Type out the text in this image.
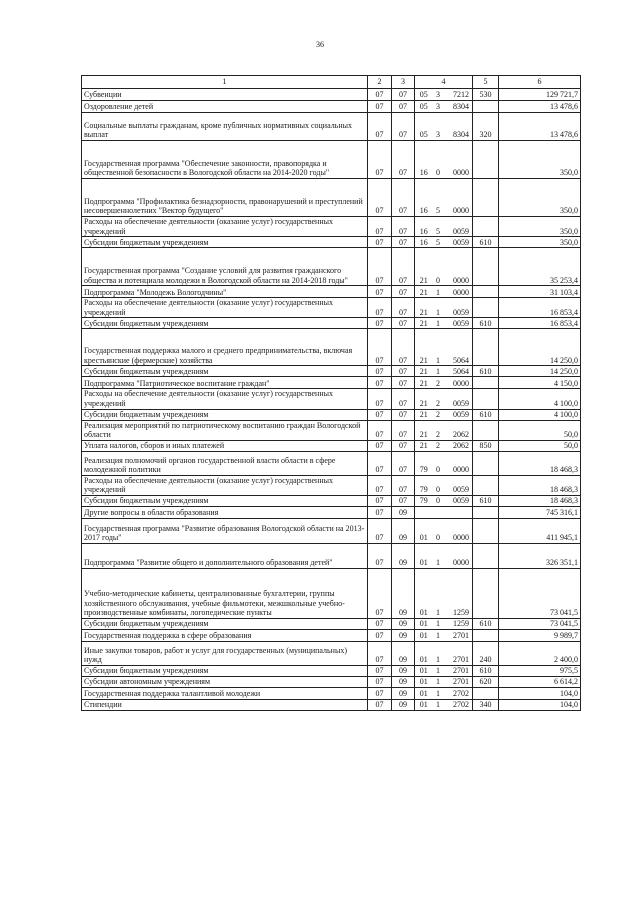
36
1	2	3	4			5	6
Субвенции	07	07	05	3	7212	530	129 721,7
Оздоровление детей	07	07	05	3	8304		13 478,6
Социальные выплаты гражданам, кроме публичных нормативных социальных выплат	07	07	05	3	8304	320	13 478,6
Государственная программа "Обеспечение законности, правопорядка и общественной безопасности в Вологодской области на 2014-2020 годы"	07	07	16	0	0000		350,0
Подпрограмма "Профилактика безнадзорности, правонарушений и преступлений несовершеннолетних "Вектор будущего"	07	07	16	5	0000		350,0
Расходы на обеспечение деятельности (оказание услуг) государственных учреждений	07	07	16	5	0059		350,0
Субсидии бюджетным учреждениям	07	07	16	5	0059	610	350,0
Государственная программа "Создание условий для развития гражданского общества и потенциала молодежи в Вологодской области на 2014-2018 годы"	07	07	21	0	0000		35 253,4
Подпрограмма "Молодежь Вологодчины"	07	07	21	1	0000		31 103,4
Расходы на обеспечение деятельности (оказание услуг) государственных учреждений	07	07	21	1	0059		16 853,4
Субсидии бюджетным учреждениям	07	07	21	1	0059	610	16 853,4
Государственная поддержка малого и среднего предпринимательства, включая крестьянские (фермерские) хозяйства	07	07	21	1	5064		14 250,0
Субсидии бюджетным учреждениям	07	07	21	1	5064	610	14 250,0
Подпрограмма "Патриотическое воспитание граждан"	07	07	21	2	0000		4 150,0
Расходы на обеспечение деятельности (оказание услуг) государственных учреждений	07	07	21	2	0059		4 100,0
Субсидии бюджетным учреждениям	07	07	21	2	0059	610	4 100,0
Реализация мероприятий по патриотическому воспитанию граждан Вологодской области	07	07	21	2	2062		50,0
Уплата налогов, сборов и иных платежей	07	07	21	2	2062	850	50,0
Реализация полномочий органов государственной власти области в сфере молодежной политики	07	07	79	0	0000		18 468,3
Расходы на обеспечение деятельности (оказание услуг) государственных учреждений	07	07	79	0	0059		18 468,3
Субсидии бюджетным учреждениям	07	07	79	0	0059	610	18 468,3
Другие вопросы в области образования	07	09					745 316,1
Государственная программа "Развитие образования Вологодской области на 2013-2017 годы"	07	09	01	0	0000		411 945,1
Подпрограмма "Развитие общего и дополнительного образования детей"	07	09	01	1	0000		326 351,1
Учебно-методические кабинеты, централизованные бухгалтерии, группы хозяйственного обслуживания, учебные фильмотеки, межшкольные учебно-производственные комбинаты, логопедические пункты	07	09	01	1	1259		73 041,5
Субсидии бюджетным учреждениям	07	09	01	1	1259	610	73 041,5
Государственная поддержка в сфере образования	07	09	01	1	2701		9 989,7
Иные закупки товаров, работ и услуг для государственных (муниципальных) нужд	07	09	01	1	2701	240	2 400,0
Субсидии бюджетным учреждениям	07	09	01	1	2701	610	975,5
Субсидии автономным учреждениям	07	09	01	1	2701	620	6 614,2
Государственная поддержка талантливой молодежи	07	09	01	1	2702		104,0
Стипендии	07	09	01	1	2702	340	104,0
